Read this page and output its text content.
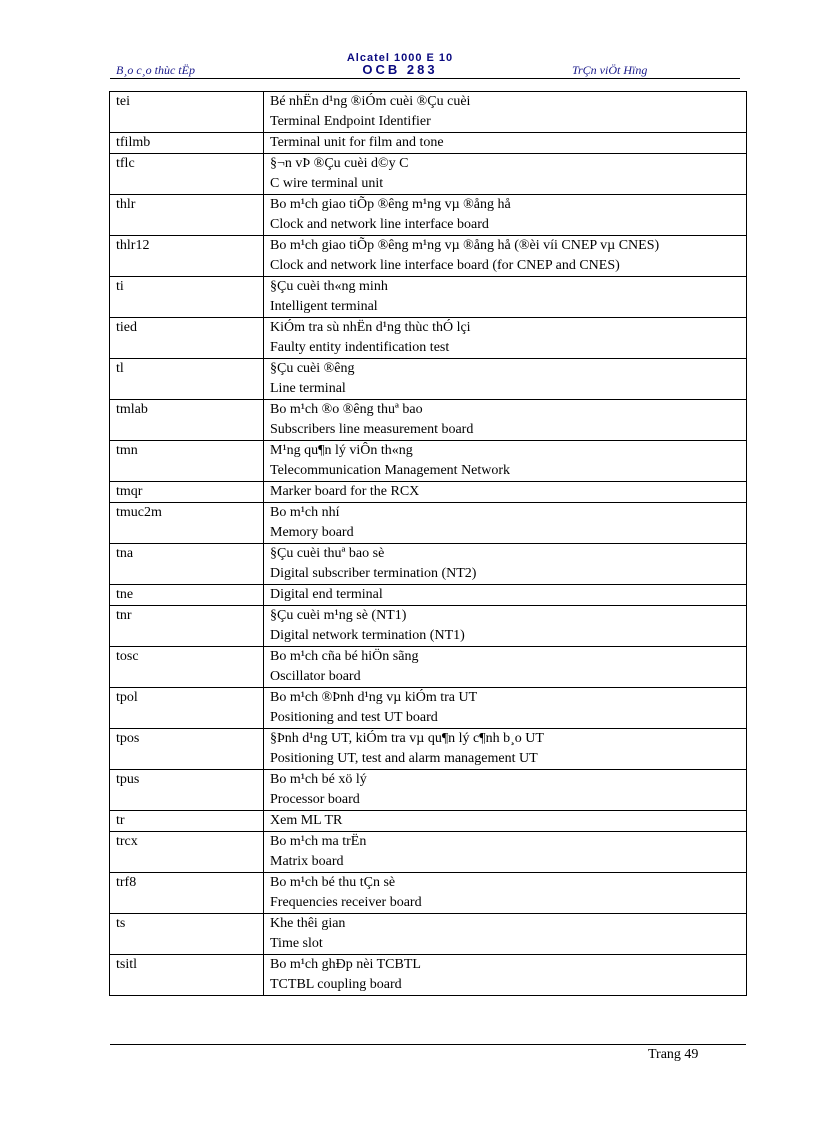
B¸o c¸o thùc tËp
Alcatel 1000 E 10
OCB 283	TrÇn viÖt Hïng
tei	Bé nhËn d¹ng ®iÓm cuèi ®Çu cuèi
Terminal Endpoint Identifier

tfilmb	Terminal unit for film and tone

tflc	§¬n vÞ ®Çu cuèi d©y C
C wire terminal unit

thlr	Bo m¹ch giao tiÕp ®êng m¹ng vµ ®ång hå
Clock and network line interface board

thlr12	Bo m¹ch giao tiÕp ®êng m¹ng vµ ®ång hå (®èi víi CNEP vµ CNES)
Clock and network line interface board (for CNEP and CNES)

ti	§Çu cuèi th«ng minh
Intelligent terminal

tied	KiÓm tra sù nhËn d¹ng thùc thÓ lçi
Faulty entity indentification test

tl	§Çu cuèi ®êng
Line terminal

tmlab	Bo m¹ch ®o ®êng thuª bao
Subscribers line measurement board

tmn	M¹ng qu¶n lý viÔn th«ng
Telecommunication Management Network

tmqr	Marker board for the RCX

tmuc2m	Bo m¹ch nhí
Memory board

tna	§Çu cuèi thuª bao sè
Digital subscriber termination (NT2)

tne	Digital end terminal

tnr	§Çu cuèi m¹ng sè (NT1)
Digital network termination (NT1)

tosc	Bo m¹ch cña bé hiÖn sãng
Oscillator board

tpol	Bo m¹ch ®Þnh d¹ng vµ kiÓm tra UT
Positioning and test UT board

tpos	§Þnh d¹ng UT, kiÓm tra vµ qu¶n lý c¶nh b¸o UT
Positioning UT, test and alarm management UT

tpus	Bo m¹ch bé xö lý
Processor board

tr	Xem ML TR

trcx	Bo m¹ch ma trËn
Matrix board

trf8	Bo m¹ch bé thu tÇn sè
Frequencies receiver board

ts	Khe thêi gian
Time slot

tsitl	Bo m¹ch ghÐp nèi TCBTL
TCTBL coupling board
Trang 49
